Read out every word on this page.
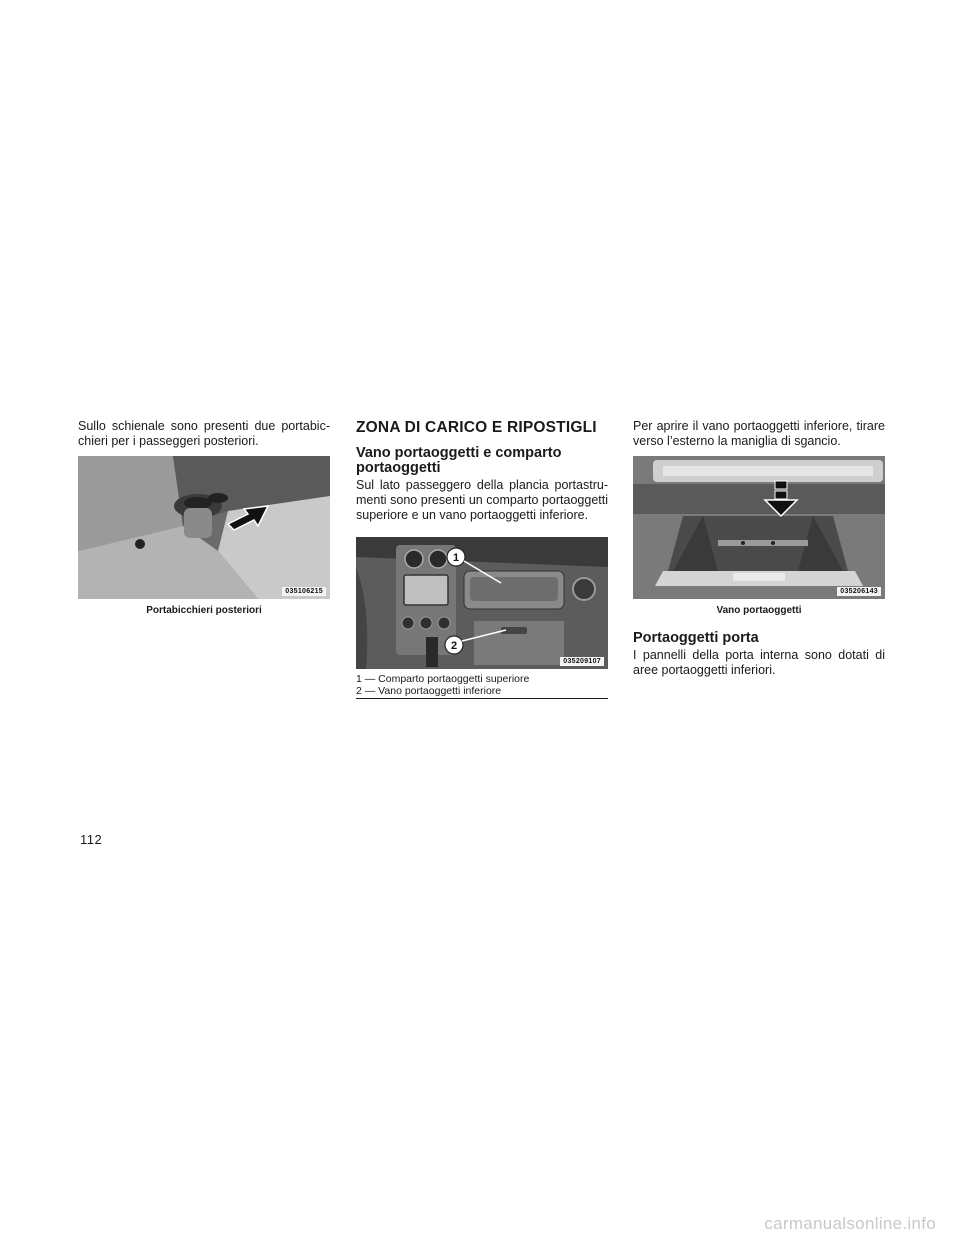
Sullo schienale sono presenti due portabic- chieri per i passeggeri posteriori.

035106215
Portabicchieri posteriori
ZONA DI CARICO E RIPOSTIGLI
Vano portaoggetti e comparto portaoggetti

Sul lato passeggero della plancia portastru- menti sono presenti un comparto portaoggetti superiore e un vano portaoggetti inferiore.

1
2
035209107
1 — Comparto portaoggetti superiore
2 — Vano portaoggetti inferiore

Per aprire il vano portaoggetti inferiore, tirare verso l’esterno la maniglia di sgancio.

035206143
Vano portaoggetti
Portaoggetti porta

I pannelli della porta interna sono dotati di aree portaoggetti inferiori.

112
carmanualsonline.info
